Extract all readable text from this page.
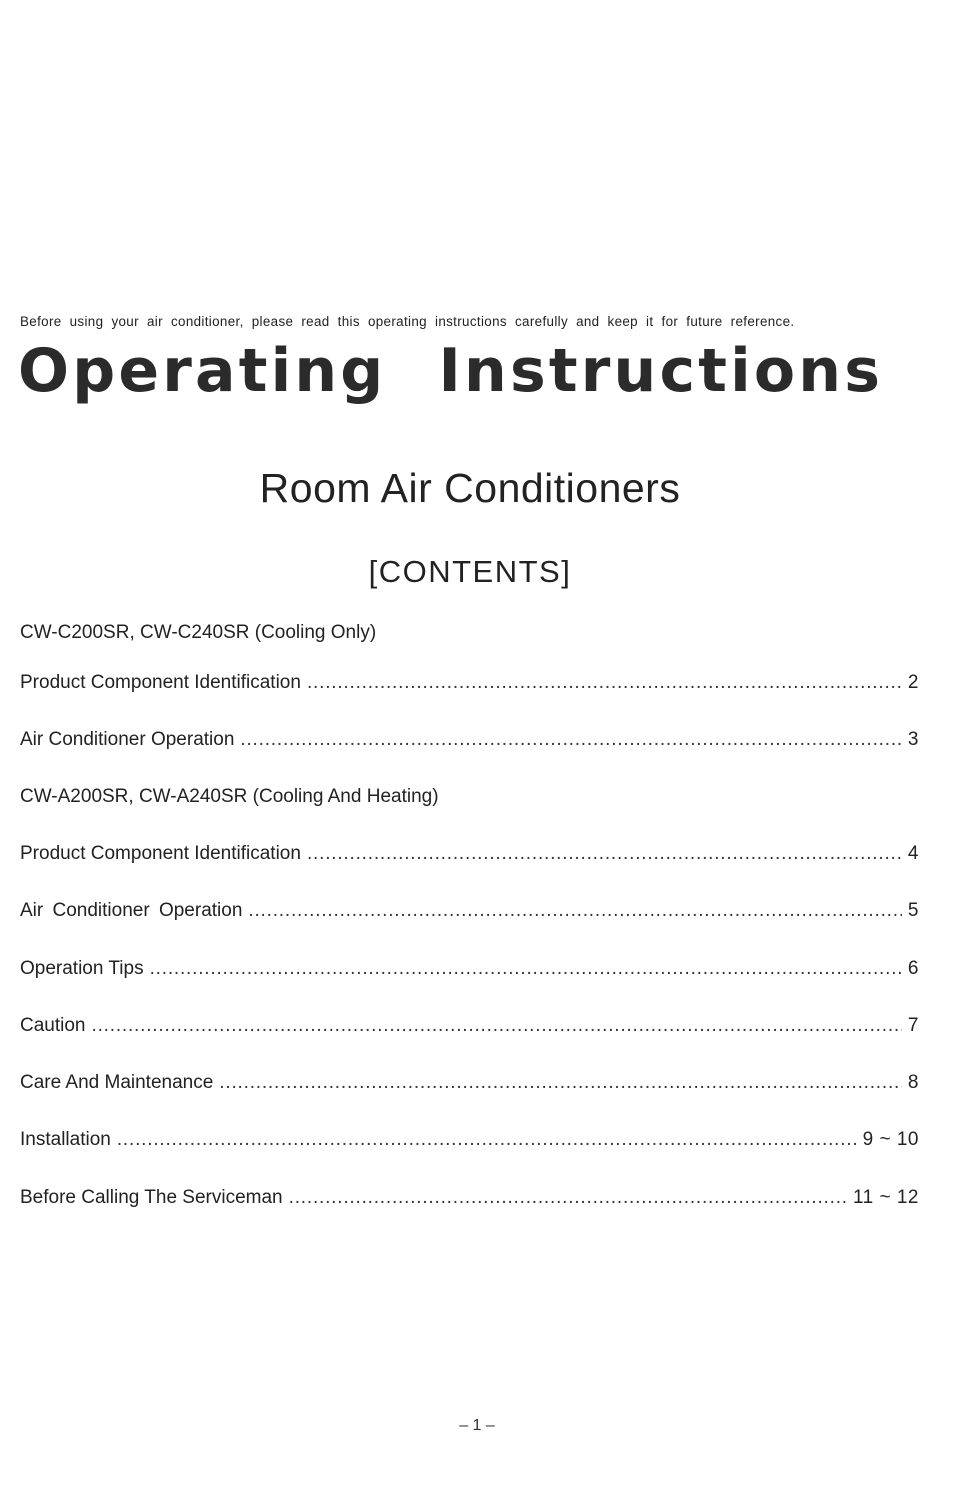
Before using your air conditioner, please read this operating instructions carefully and keep it for future reference.
Operating Instructions
Room Air Conditioners
[CONTENTS]
CW-C200SR, CW-C240SR (Cooling Only)
Product Component Identification .....	2
Air Conditioner Operation .....	3
CW-A200SR, CW-A240SR (Cooling And Heating)
Product Component Identification .....	4
Air Conditioner Operation .....	5
Operation Tips .....	6
Caution .....	7
Care And Maintenance .....	8
Installation .....	9 ~ 10
Before Calling The Serviceman .....	11 ~ 12
– 1 –
